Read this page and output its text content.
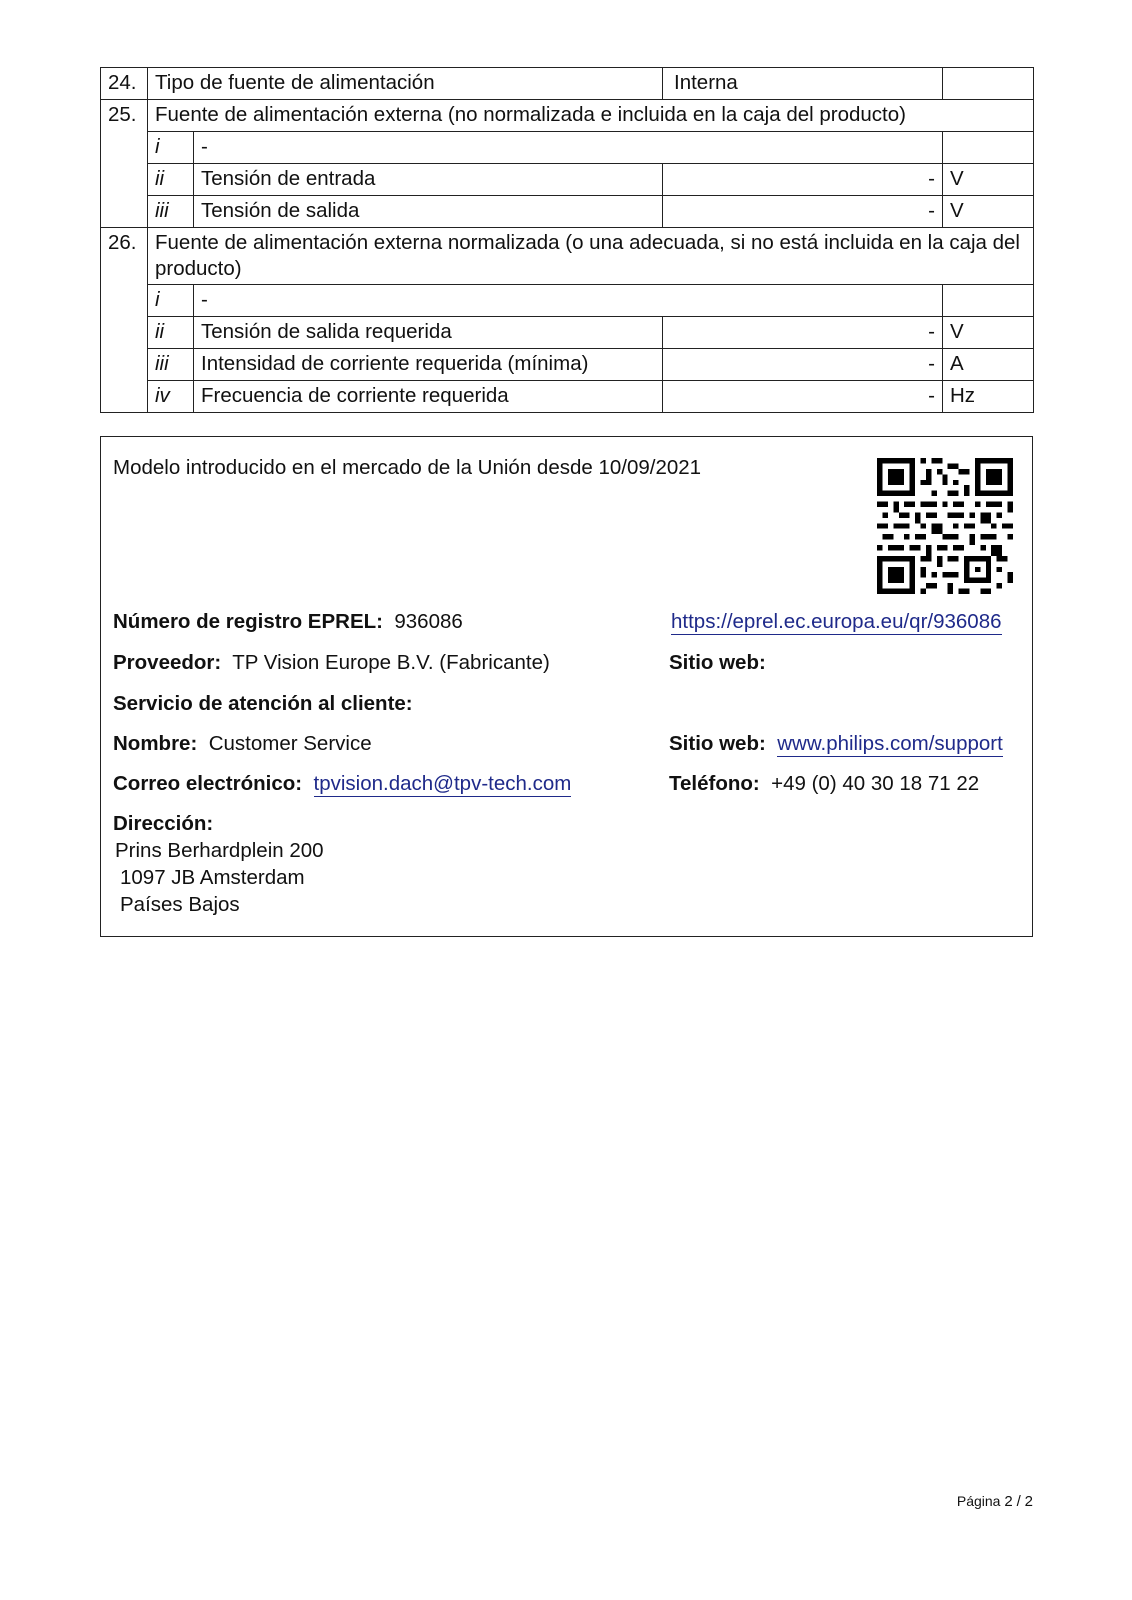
24.	Tipo de fuente de alimentación		Interna	
25.	Fuente de alimentación externa (no normalizada e incluida en la caja del producto)			
	i	-		
	ii	Tensión de entrada	-	V
	iii	Tensión de salida	-	V
26.	Fuente de alimentación externa normalizada (o una adecuada, si no está incluida en la caja del producto)			
	i	-		
	ii	Tensión de salida requerida	-	V
	iii	Intensidad de corriente requerida (mínima)	-	A
	iv	Frecuencia de corriente requerida	-	Hz
Modelo introducido en el mercado de la Unión desde 10/09/2021
Número de registro EPREL: 936086	https://eprel.ec.europa.eu/qr/936086
Proveedor: TP Vision Europe B.V. (Fabricante)	Sitio web:
Servicio de atención al cliente:
Nombre: Customer Service	Sitio web: www.philips.com/support
Correo electrónico: tpvision.dach@tpv-tech.com	Teléfono: +49 (0) 40 30 18 71 22
Dirección:
Prins Berhardplein 200
1097 JB Amsterdam
Países Bajos
Página 2 / 2
